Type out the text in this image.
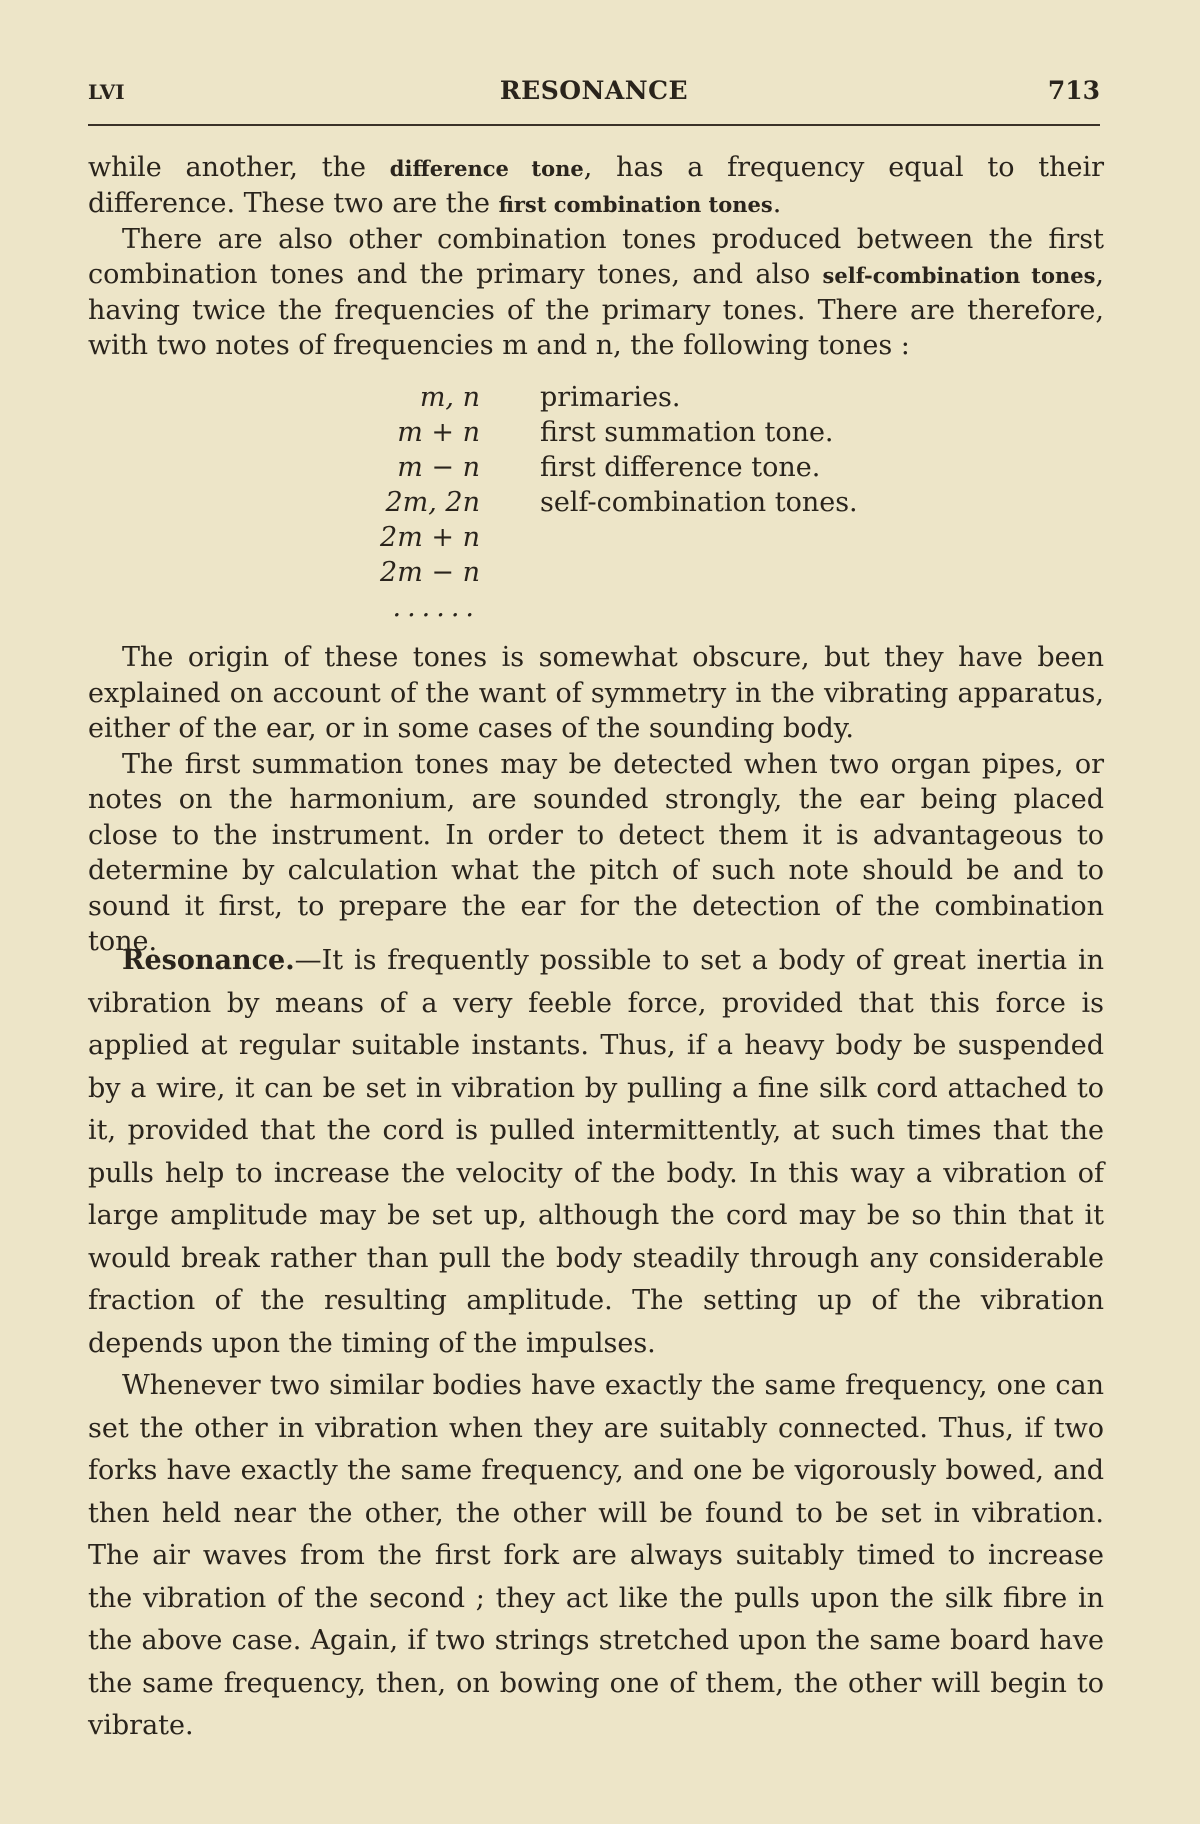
LVI	RESONANCE	713

while another, the difference tone, has a frequency equal to their difference. These two are the first combination tones.

There are also other combination tones produced between the first combination tones and the primary tones, and also self-combination tones, having twice the frequencies of the primary tones. There are therefore, with two notes of frequencies m and n, the following tones :

m, n	primaries.
m + n	first summation tone.
m − n	first difference tone.
2m, 2n	self-combination tones.
2m + n
2m − n
......

The origin of these tones is somewhat obscure, but they have been explained on account of the want of symmetry in the vibrating apparatus, either of the ear, or in some cases of the sounding body.

The first summation tones may be detected when two organ pipes, or notes on the harmonium, are sounded strongly, the ear being placed close to the instrument. In order to detect them it is advantageous to determine by calculation what the pitch of such note should be and to sound it first, to prepare the ear for the detection of the combination tone.

Resonance.—It is frequently possible to set a body of great inertia in vibration by means of a very feeble force, provided that this force is applied at regular suitable instants. Thus, if a heavy body be suspended by a wire, it can be set in vibration by pulling a fine silk cord attached to it, provided that the cord is pulled intermittently, at such times that the pulls help to increase the velocity of the body. In this way a vibration of large amplitude may be set up, although the cord may be so thin that it would break rather than pull the body steadily through any considerable fraction of the resulting amplitude. The setting up of the vibration depends upon the timing of the impulses.

Whenever two similar bodies have exactly the same frequency, one can set the other in vibration when they are suitably connected. Thus, if two forks have exactly the same frequency, and one be vigorously bowed, and then held near the other, the other will be found to be set in vibration. The air waves from the first fork are always suitably timed to increase the vibration of the second ; they act like the pulls upon the silk fibre in the above case. Again, if two strings stretched upon the same board have the same frequency, then, on bowing one of them, the other will begin to vibrate.
